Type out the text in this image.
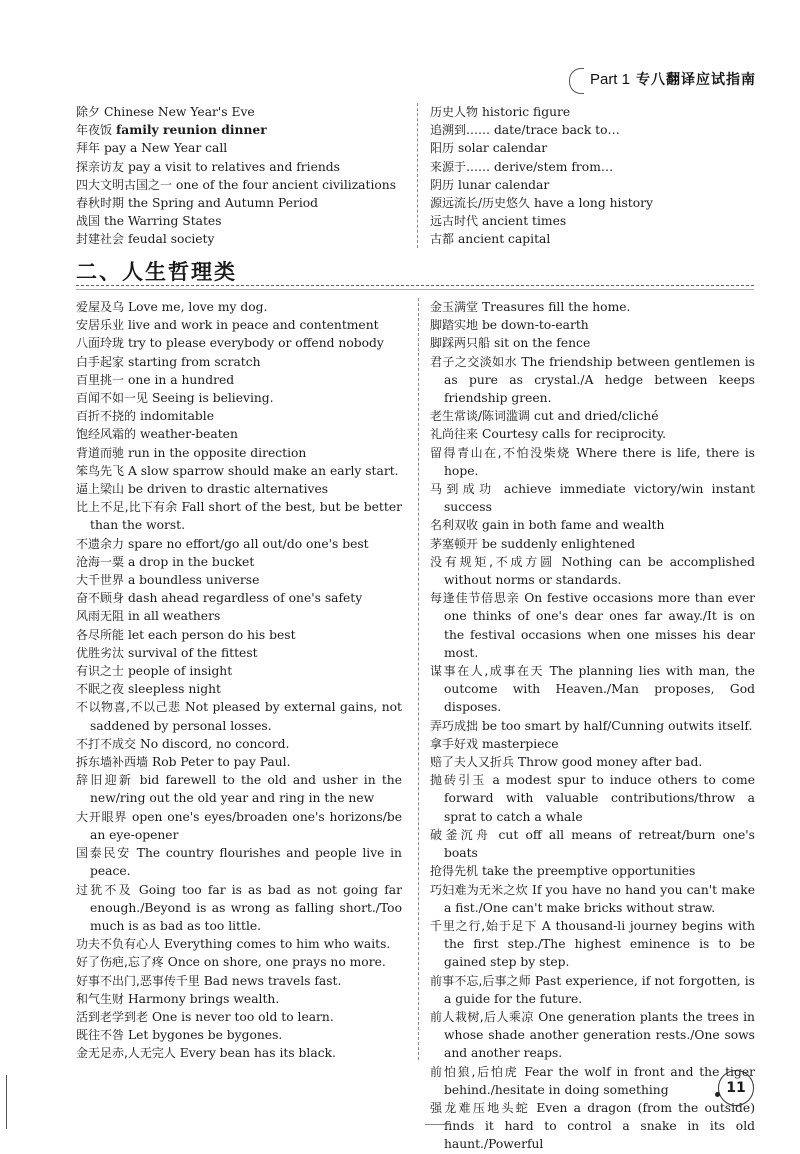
Part 1 专八翻译应试指南
除夕 Chinese New Year's Eve
年夜饭 family reunion dinner
拜年 pay a New Year call
探亲访友 pay a visit to relatives and friends
四大文明古国之一 one of the four ancient civilizations
春秋时期 the Spring and Autumn Period
战国 the Warring States
封建社会 feudal society
历史人物 historic figure
追溯到…… date/trace back to…
阳历 solar calendar
来源于…… derive/stem from…
阴历 lunar calendar
源远流长/历史悠久 have a long history
远古时代 ancient times
古都 ancient capital
二、人生哲理类
爱屋及乌 Love me, love my dog.
安居乐业 live and work in peace and contentment
八面玲珑 try to please everybody or offend nobody
白手起家 starting from scratch
百里挑一 one in a hundred
百闻不如一见 Seeing is believing.
百折不挠的 indomitable
饱经风霜的 weather-beaten
背道而驰 run in the opposite direction
笨鸟先飞 A slow sparrow should make an early start.
逼上梁山 be driven to drastic alternatives
比上不足,比下有余 Fall short of the best, but be better than the worst.
不遗余力 spare no effort/go all out/do one's best
沧海一粟 a drop in the bucket
大千世界 a boundless universe
奋不顾身 dash ahead regardless of one's safety
风雨无阻 in all weathers
各尽所能 let each person do his best
优胜劣汰 survival of the fittest
有识之士 people of insight
不眠之夜 sleepless night
不以物喜,不以己悲 Not pleased by external gains, not saddened by personal losses.
不打不成交 No discord, no concord.
拆东墙补西墙 Rob Peter to pay Paul.
辞旧迎新 bid farewell to the old and usher in the new/ring out the old year and ring in the new
大开眼界 open one's eyes/broaden one's horizons/be an eye-opener
国泰民安 The country flourishes and people live in peace.
过犹不及 Going too far is as bad as not going far enough./Beyond is as wrong as falling short./Too much is as bad as too little.
功夫不负有心人 Everything comes to him who waits.
好了伤疤,忘了疼 Once on shore, one prays no more.
好事不出门,恶事传千里 Bad news travels fast.
和气生财 Harmony brings wealth.
活到老学到老 One is never too old to learn.
既往不咎 Let bygones be bygones.
金无足赤,人无完人 Every bean has its black.
金玉满堂 Treasures fill the home.
脚踏实地 be down-to-earth
脚踩两只船 sit on the fence
君子之交淡如水 The friendship between gentlemen is as pure as crystal./A hedge between keeps friendship green.
老生常谈/陈词滥调 cut and dried/cliché
礼尚往来 Courtesy calls for reciprocity.
留得青山在,不怕没柴烧 Where there is life, there is hope.
马到成功 achieve immediate victory/win instant success
名利双收 gain in both fame and wealth
茅塞顿开 be suddenly enlightened
没有规矩,不成方圆 Nothing can be accomplished without norms or standards.
每逢佳节倍思亲 On festive occasions more than ever one thinks of one's dear ones far away./It is on the festival occasions when one misses his dear most.
谋事在人,成事在天 The planning lies with man, the outcome with Heaven./Man proposes, God disposes.
弄巧成拙 be too smart by half/Cunning outwits itself.
拿手好戏 masterpiece
赔了夫人又折兵 Throw good money after bad.
抛砖引玉 a modest spur to induce others to come forward with valuable contributions/throw a sprat to catch a whale
破釜沉舟 cut off all means of retreat/burn one's boats
抢得先机 take the preemptive opportunities
巧妇难为无米之炊 If you have no hand you can't make a fist./One can't make bricks without straw.
千里之行,始于足下 A thousand-li journey begins with the first step./The highest eminence is to be gained step by step.
前事不忘,后事之师 Past experience, if not forgotten, is a guide for the future.
前人栽树,后人乘凉 One generation plants the trees in whose shade another generation rests./One sows and another reaps.
前怕狼,后怕虎 Fear the wolf in front and the tiger behind./hesitate in doing something
强龙难压地头蛇 Even a dragon (from the outside) finds it hard to control a snake in its old haunt./Powerful
11
